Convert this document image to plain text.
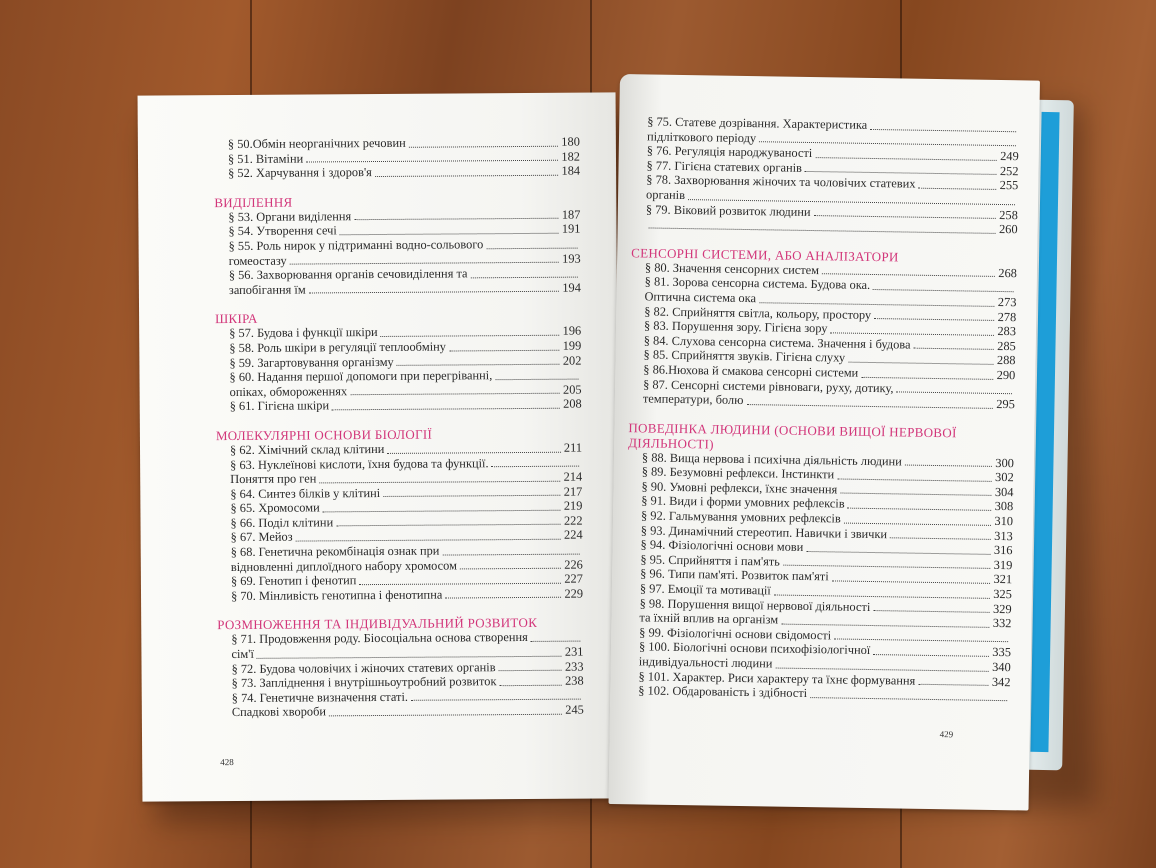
§ 50.Обмін неорганічних речовин	180
§ 51. Вітаміни	182
§ 52. Харчування і здоров'я	184
ВИДІЛЕННЯ
§ 53. Органи виділення	187
§ 54. Утворення сечі	191
§ 55. Роль нирок у підтриманні водно-сольового
гомеостазу	193
§ 56. Захворювання органів сечовиділення та
запобігання їм	194
ШКІРА
§ 57. Будова і функції шкіри	196
§ 58. Роль шкіри в регуляції теплообміну	199
§ 59. Загартовування організму	202
§ 60. Надання першої допомоги при перегріванні,
опіках, обмороженнях	205
§ 61. Гігієна шкіри	208
МОЛЕКУЛЯРНІ ОСНОВИ БІОЛОГІЇ
§ 62. Хімічний склад клітини	211
§ 63. Нуклеїнові кислоти, їхня будова та функції.
Поняття про ген	214
§ 64. Синтез білків у клітині	217
§ 65. Хромосоми	219
§ 66. Поділ клітини	222
§ 67. Мейоз	224
§ 68. Генетична рекомбінація ознак при
відновленні диплоїдного набору хромосом	226
§ 69. Генотип і фенотип	227
§ 70. Мінливість генотипна і фенотипна	229
РОЗМНОЖЕННЯ ТА ІНДИВІДУАЛЬНИЙ РОЗВИТОК
§ 71. Продовження роду. Біосоціальна основа створення
сім'ї	231
§ 72. Будова чоловічих і жіночих статевих органів	233
§ 73. Запліднення і внутрішньоутробний розвиток	238
§ 74. Генетичне визначення статі.
Спадкові хвороби	245
428
§ 75. Статеве дозрівання. Характеристика
підліткового періоду
§ 76. Регуляція народжуваності	249
§ 77. Гігієна статевих органів	252
§ 78. Захворювання жіночих та чоловічих статевих	255
органів
§ 79. Віковий розвиток людини	258
260
СЕНСОРНІ СИСТЕМИ, АБО АНАЛІЗАТОРИ
§ 80. Значення сенсорних систем	268
§ 81. Зорова сенсорна система. Будова ока.
Оптична система ока	273
§ 82. Сприйняття світла, кольору, простору	278
§ 83. Порушення зору. Гігієна зору	283
§ 84. Слухова сенсорна система. Значення і будова	285
§ 85. Сприйняття звуків. Гігієна слуху	288
§ 86.Нюхова й смакова сенсорні системи	290
§ 87. Сенсорні системи рівноваги, руху, дотику,
температури, болю	295
ПОВЕДІНКА ЛЮДИНИ (ОСНОВИ ВИЩОЇ НЕРВОВОЇ ДІЯЛЬНОСТІ)
§ 88. Вища нервова і психічна діяльність людини	300
§ 89. Безумовні рефлекси. Інстинкти	302
§ 90. Умовні рефлекси, їхнє значення	304
§ 91. Види і форми умовних рефлексів	308
§ 92. Гальмування умовних рефлексів	310
§ 93. Динамічний стереотип. Навички і звички	313
§ 94. Фізіологічні основи мови	316
§ 95. Сприйняття і пам'ять	319
§ 96. Типи пам'яті. Розвиток пам'яті	321
§ 97. Емоції та мотивації	325
§ 98. Порушення вищої нервової діяльності	329
та їхній вплив на організм	332
§ 99. Фізіологічні основи свідомості
§ 100. Біологічні основи психофізіологічної	335
індивідуальності людини	340
§ 101. Характер. Риси характеру та їхнє формування	342
§ 102. Обдарованість і здібності
429
